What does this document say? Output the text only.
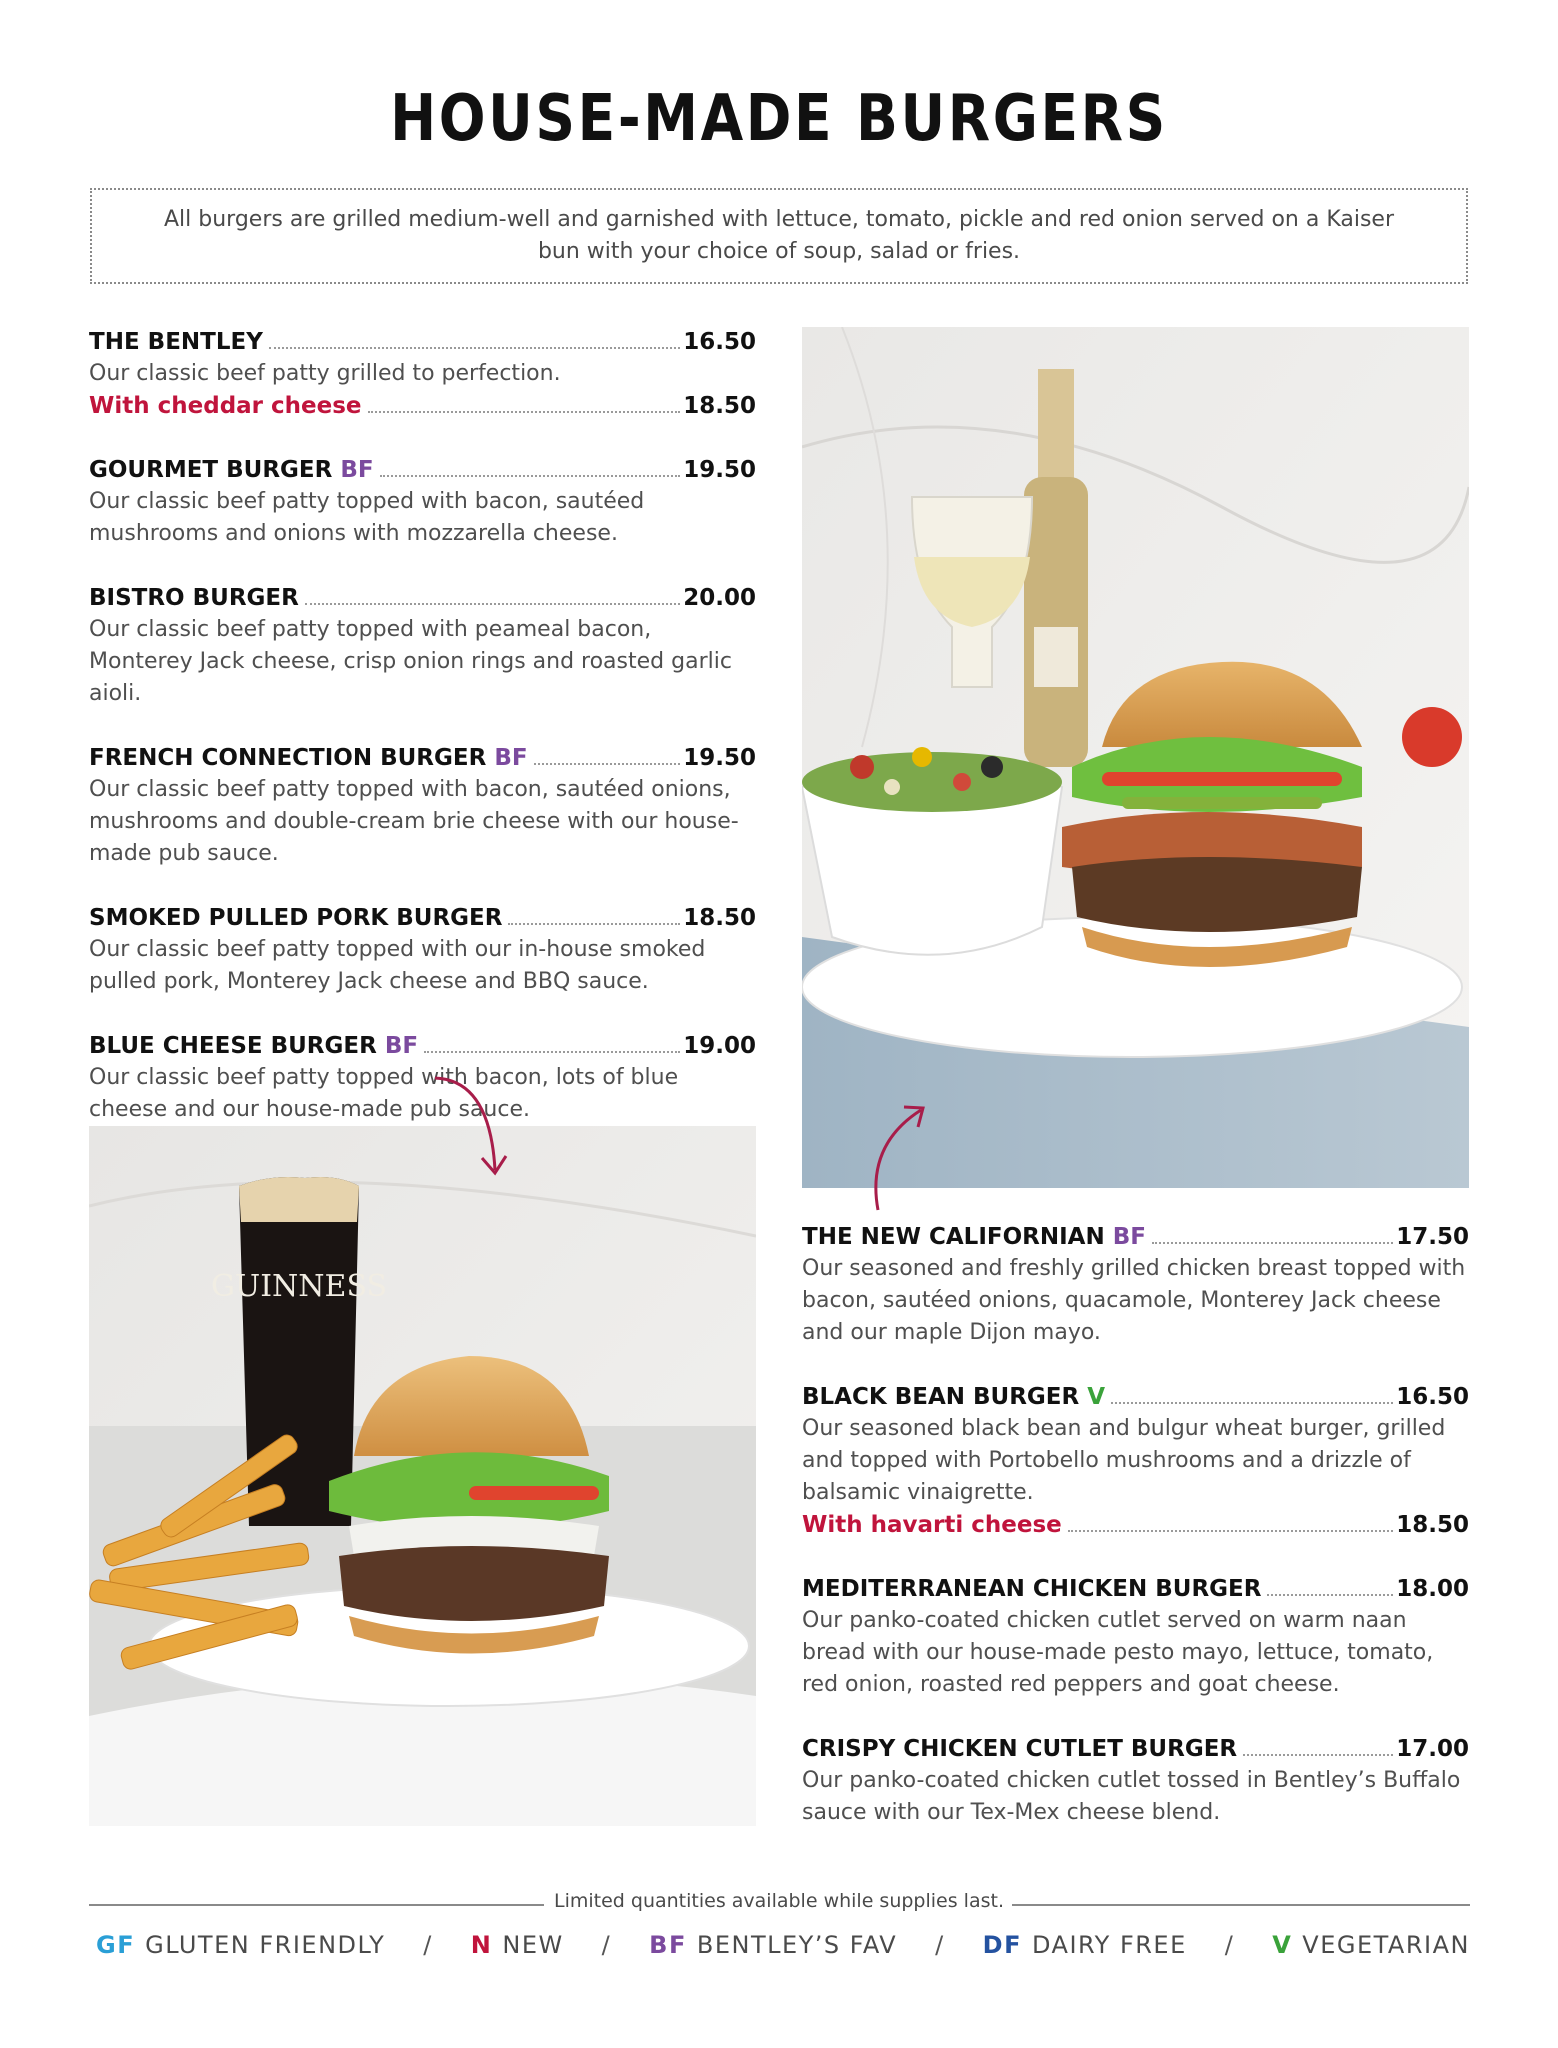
HOUSE-MADE BURGERS
All burgers are grilled medium-well and garnished with lettuce, tomato, pickle and red onion served on a Kaiser bun with your choice of soup, salad or fries.
THE BENTLEY	16.50
Our classic beef patty grilled to perfection.
With cheddar cheese	18.50
GOURMET BURGER BF	19.50
Our classic beef patty topped with bacon, sautéed mushrooms and onions with mozzarella cheese.
BISTRO BURGER	20.00
Our classic beef patty topped with peameal bacon, Monterey Jack cheese, crisp onion rings and roasted garlic aioli.
FRENCH CONNECTION BURGER BF	19.50
Our classic beef patty topped with bacon, sautéed onions, mushrooms and double-cream brie cheese with our house-made pub sauce.
SMOKED PULLED PORK BURGER	18.50
Our classic beef patty topped with our in-house smoked pulled pork, Monterey Jack cheese and BBQ sauce.
BLUE CHEESE BURGER BF	19.00
Our classic beef patty topped with bacon, lots of blue cheese and our house-made pub sauce.
THE NEW CALIFORNIAN BF	17.50
Our seasoned and freshly grilled chicken breast topped with bacon, sautéed onions, quacamole, Monterey Jack cheese and our maple Dijon mayo.
BLACK BEAN BURGER V	16.50
Our seasoned black bean and bulgur wheat burger, grilled and topped with Portobello mushrooms and a drizzle of balsamic vinaigrette.
With havarti cheese	18.50
MEDITERRANEAN CHICKEN BURGER	18.00
Our panko-coated chicken cutlet served on warm naan bread with our house-made pesto mayo, lettuce, tomato, red onion, roasted red peppers and goat cheese.
CRISPY CHICKEN CUTLET BURGER	17.00
Our panko-coated chicken cutlet tossed in Bentley’s Buffalo sauce with our Tex-Mex cheese blend.
GUINNESS
Limited quantities available while supplies last.
GF GLUTEN FRIENDLY / N NEW / BF BENTLEY’S FAV / DF DAIRY FREE / V VEGETARIAN
